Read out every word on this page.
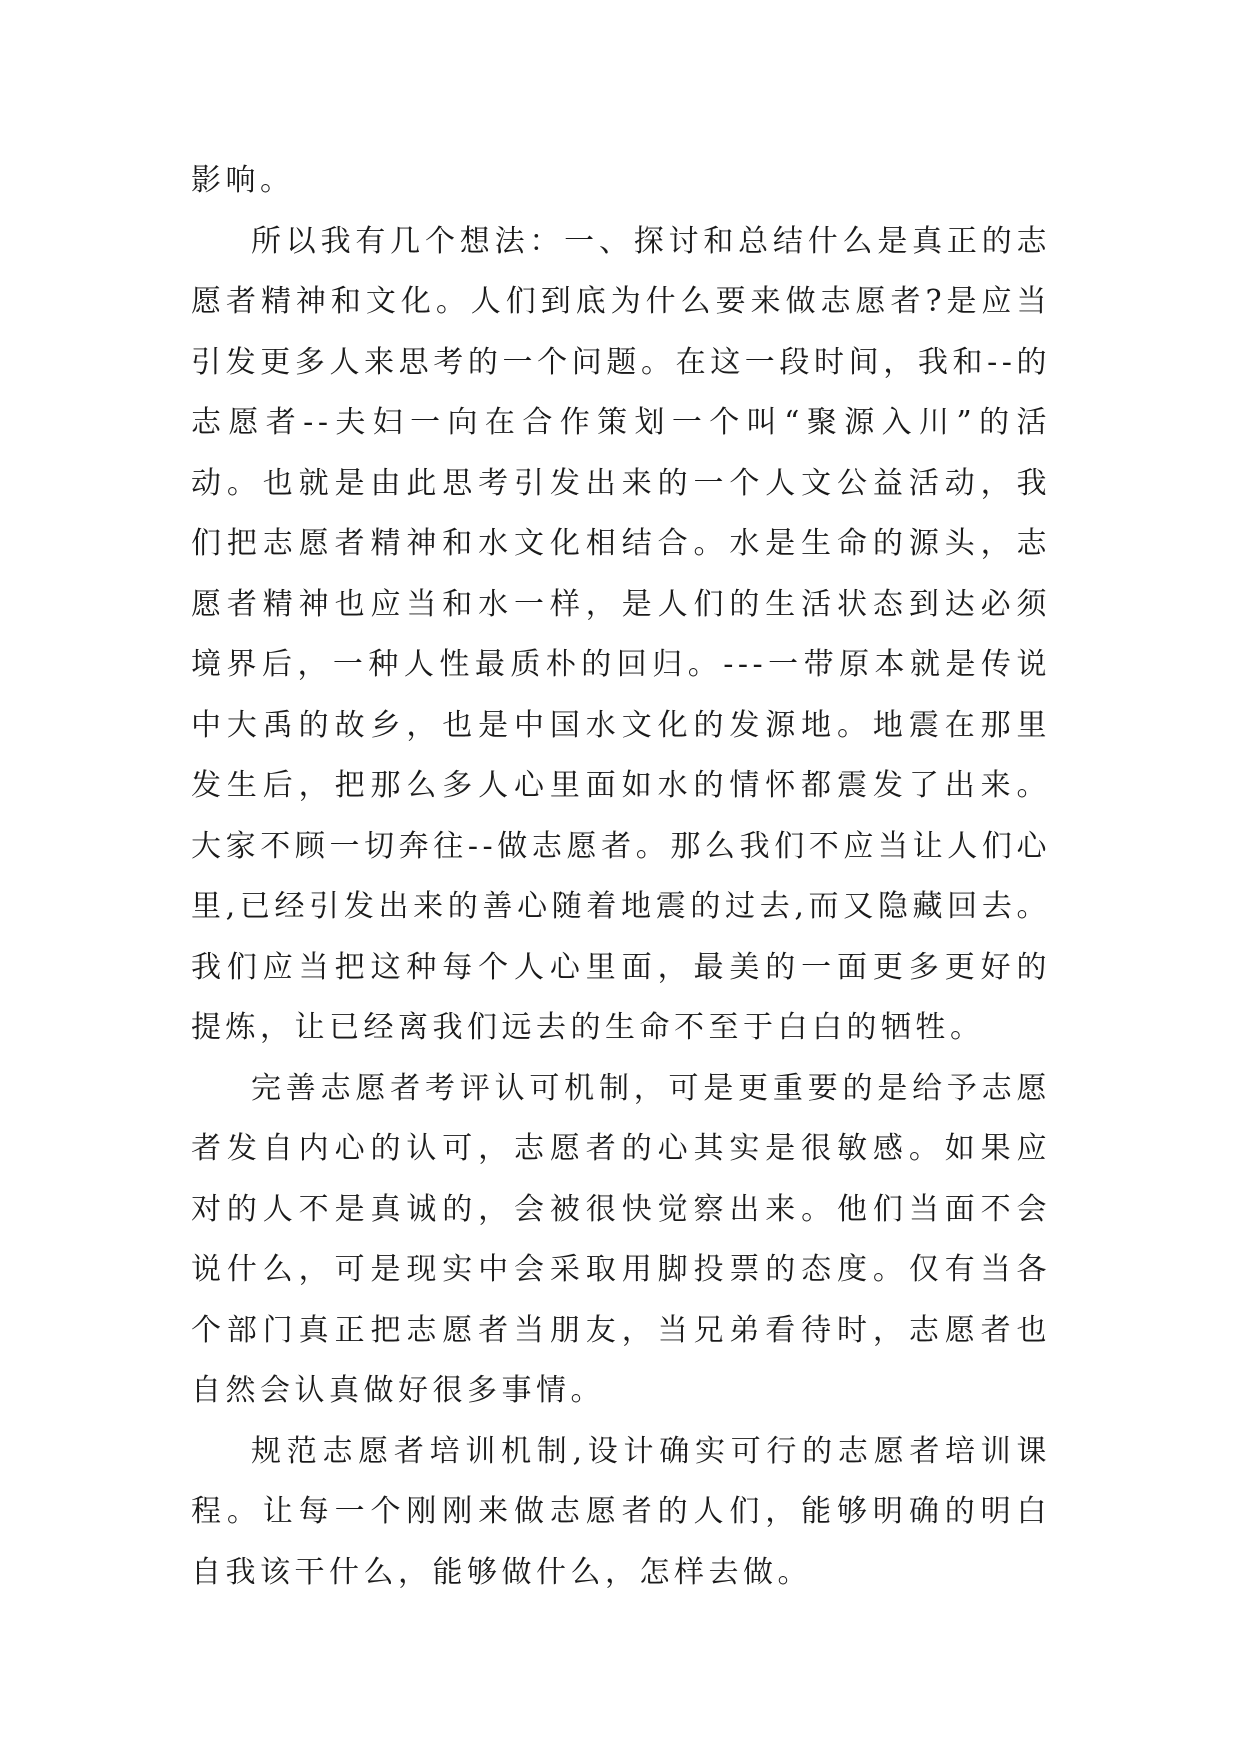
影响。

所以我有几个想法：一、探讨和总结什么是真正的志愿者精神和文化。人们到底为什么要来做志愿者?是应当引发更多人来思考的一个问题。在这一段时间，我和--的志愿者--夫妇一向在合作策划一个叫“聚源入川”的活动。也就是由此思考引发出来的一个人文公益活动，我们把志愿者精神和水文化相结合。水是生命的源头，志愿者精神也应当和水一样，是人们的生活状态到达必须境界后，一种人性最质朴的回归。---一带原本就是传说中大禹的故乡，也是中国水文化的发源地。地震在那里发生后，把那么多人心里面如水的情怀都震发了出来。大家不顾一切奔往--做志愿者。那么我们不应当让人们心里,已经引发出来的善心随着地震的过去,而又隐藏回去。我们应当把这种每个人心里面，最美的一面更多更好的提炼，让已经离我们远去的生命不至于白白的牺牲。

完善志愿者考评认可机制，可是更重要的是给予志愿者发自内心的认可，志愿者的心其实是很敏感。如果应对的人不是真诚的，会被很快觉察出来。他们当面不会说什么，可是现实中会采取用脚投票的态度。仅有当各个部门真正把志愿者当朋友，当兄弟看待时，志愿者也自然会认真做好很多事情。

规范志愿者培训机制,设计确实可行的志愿者培训课程。让每一个刚刚来做志愿者的人们，能够明确的明白自我该干什么，能够做什么，怎样去做。
